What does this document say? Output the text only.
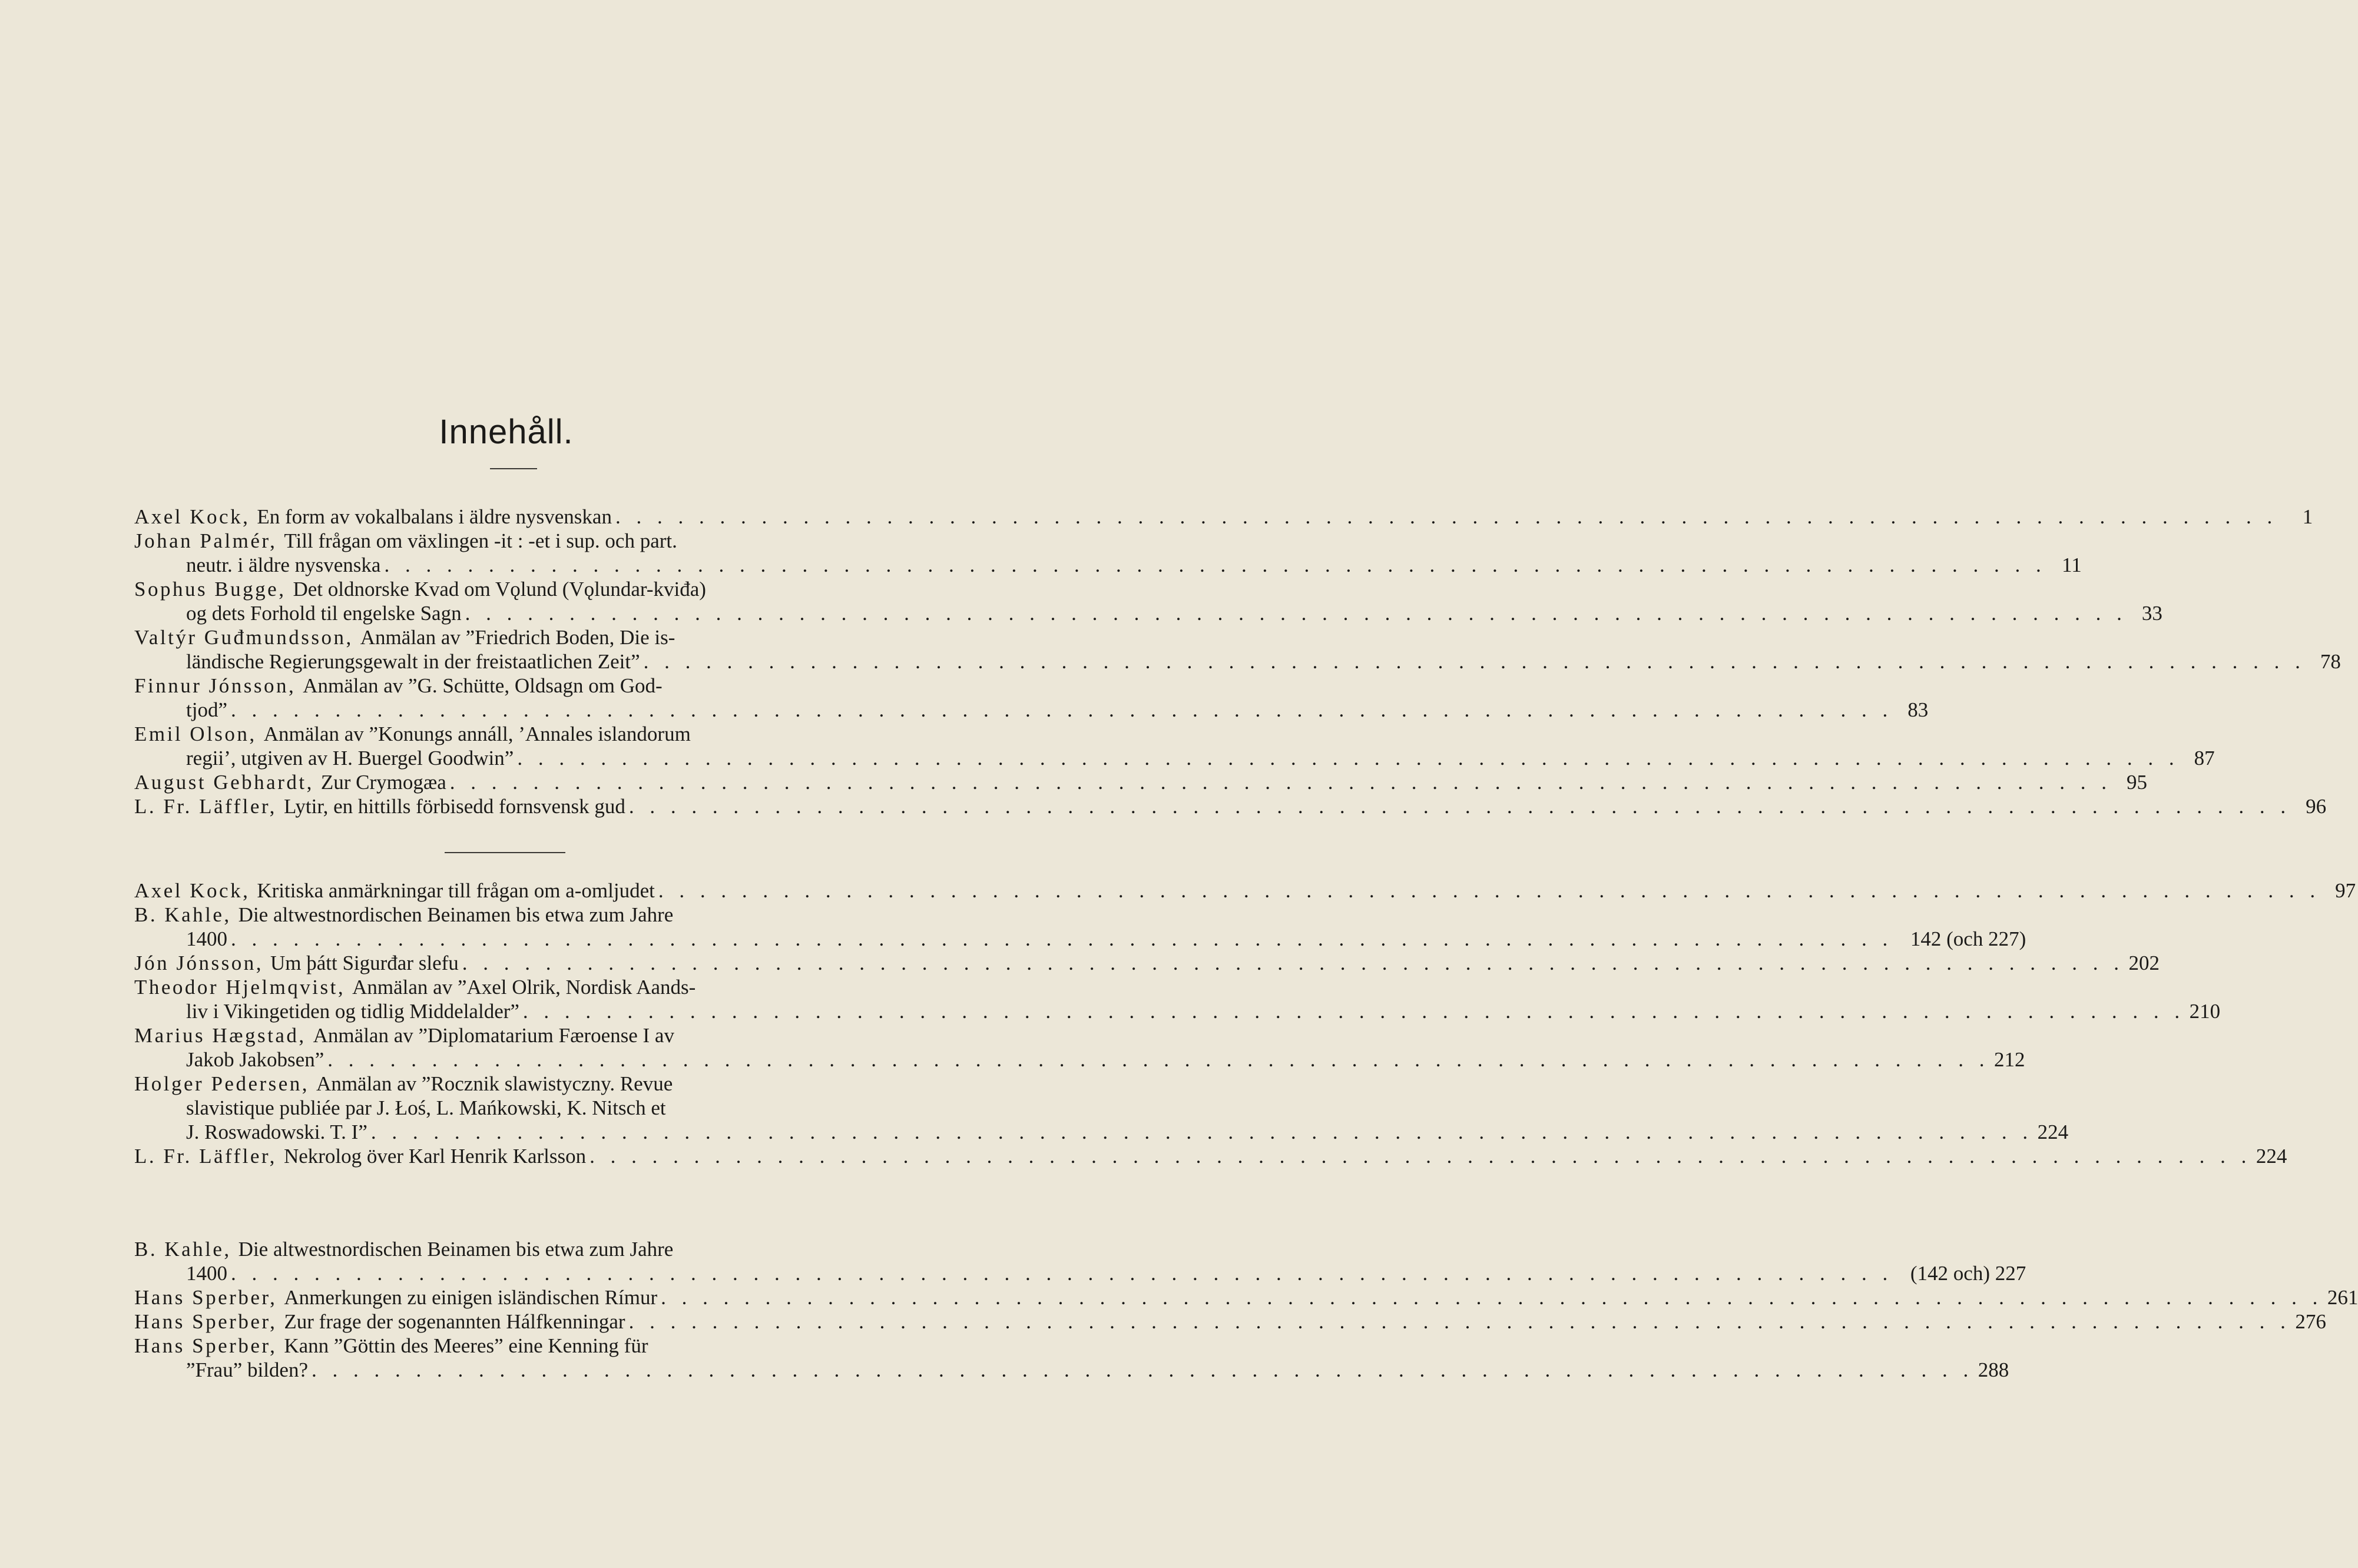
Innehåll.
Axel Kock, En form av vokalbalans i äldre nysvenskan . . . . . . . . . . . . . . . . . . . . . . . . . . . . . . . . . . . . . . . . . . . . . . . . . . . . . . . . . . . . . . . . . . . . . . . . . . . . . . . .	1
Johan Palmér, Till frågan om växlingen -it : -et i sup. och part.
neutr. i äldre nysvenska . . . . . . . . . . . . . . . . . . . . . . . . . . . . . . . . . . . . . . . . . . . . . . . . . . . . . . . . . . . . . . . . . . . . . . . . . . . . . . . . 11
Sophus Bugge, Det oldnorske Kvad om Vǫlund (Vǫlundar-kviđa)
og dets Forhold til engelske Sagn . . . . . . . . . . . . . . . . . . . . . . . . . . . . . . . . . . . . . . . . . . . . . . . . . . . . . . . . . . . . . . . . . . . . . . . . . . . . . . . . 33
Valtýr Guđmundsson, Anmälan av ”Friedrich Boden, Die is-
ländische Regierungsgewalt in der freistaatlichen Zeit” . . . . . . . . . . . . . . . . . . . . . . . . . . . . . . . . . . . . . . . . . . . . . . . . . . . . . . . . . . . . . . . . . . . . . . . . . . . . . . . . 78
Finnur Jónsson, Anmälan av ”G. Schütte, Oldsagn om God-
tjod” . . . . . . . . . . . . . . . . . . . . . . . . . . . . . . . . . . . . . . . . . . . . . . . . . . . . . . . . . . . . . . . . . . . . . . . . . . . . . . . . 83
Emil Olson, Anmälan av ”Konungs annáll, ’Annales islandorum
regii’, utgiven av H. Buergel Goodwin” . . . . . . . . . . . . . . . . . . . . . . . . . . . . . . . . . . . . . . . . . . . . . . . . . . . . . . . . . . . . . . . . . . . . . . . . . . . . . . . . 87
August Gebhardt, Zur Crymogæa . . . . . . . . . . . . . . . . . . . . . . . . . . . . . . . . . . . . . . . . . . . . . . . . . . . . . . . . . . . . . . . . . . . . . . . . . . . . . . . . 95
L. Fr. Läffler, Lytir, en hittills förbisedd fornsvensk gud . . . . . . . . . . . . . . . . . . . . . . . . . . . . . . . . . . . . . . . . . . . . . . . . . . . . . . . . . . . . . . . . . . . . . . . . . . . . . . . . 96
Axel Kock, Kritiska anmärkningar till frågan om a-omljudet . . . . . . . . . . . . . . . . . . . . . . . . . . . . . . . . . . . . . . . . . . . . . . . . . . . . . . . . . . . . . . . . . . . . . . . . . . . . . . . . 97
B. Kahle, Die altwestnordischen Beinamen bis etwa zum Jahre
1400 . . . . . . . . . . . . . . . . . . . . . . . . . . . . . . . . . . . . . . . . . . . . . . . . . . . . . . . . . . . . . . . . . . . . . . . . . . . . . . . . 142 (och 227)
Jón Jónsson, Um þátt Sigurđar slefu . . . . . . . . . . . . . . . . . . . . . . . . . . . . . . . . . . . . . . . . . . . . . . . . . . . . . . . . . . . . . . . . . . . . . . . . . . . . . . . . 202
Theodor Hjelmqvist, Anmälan av ”Axel Olrik, Nordisk Aands-
liv i Vikingetiden og tidlig Middelalder” . . . . . . . . . . . . . . . . . . . . . . . . . . . . . . . . . . . . . . . . . . . . . . . . . . . . . . . . . . . . . . . . . . . . . . . . . . . . . . . . 210
Marius Hægstad, Anmälan av ”Diplomatarium Færoense I av
Jakob Jakobsen” . . . . . . . . . . . . . . . . . . . . . . . . . . . . . . . . . . . . . . . . . . . . . . . . . . . . . . . . . . . . . . . . . . . . . . . . . . . . . . . . 212
Holger Pedersen, Anmälan av ”Rocznik slawistyczny. Revue
slavistique publiée par J. Łoś, L. Mańkowski, K. Nitsch et
J. Roswadowski. T. I” . . . . . . . . . . . . . . . . . . . . . . . . . . . . . . . . . . . . . . . . . . . . . . . . . . . . . . . . . . . . . . . . . . . . . . . . . . . . . . . . 224
L. Fr. Läffler, Nekrolog över Karl Henrik Karlsson . . . . . . . . . . . . . . . . . . . . . . . . . . . . . . . . . . . . . . . . . . . . . . . . . . . . . . . . . . . . . . . . . . . . . . . . . . . . . . . . 224
B. Kahle, Die altwestnordischen Beinamen bis etwa zum Jahre
1400 . . . . . . . . . . . . . . . . . . . . . . . . . . . . . . . . . . . . . . . . . . . . . . . . . . . . . . . . . . . . . . . . . . . . . . . . . . . . . . . . (142 och) 227
Hans Sperber, Anmerkungen zu einigen isländischen Rímur . . . . . . . . . . . . . . . . . . . . . . . . . . . . . . . . . . . . . . . . . . . . . . . . . . . . . . . . . . . . . . . . . . . . . . . . . . . . . . . . 261
Hans Sperber, Zur frage der sogenannten Hálfkenningar . . . . . . . . . . . . . . . . . . . . . . . . . . . . . . . . . . . . . . . . . . . . . . . . . . . . . . . . . . . . . . . . . . . . . . . . . . . . . . . . 276
Hans Sperber, Kann ”Göttin des Meeres” eine Kenning für
”Frau” bilden? . . . . . . . . . . . . . . . . . . . . . . . . . . . . . . . . . . . . . . . . . . . . . . . . . . . . . . . . . . . . . . . . . . . . . . . . . . . . . . . . 288
